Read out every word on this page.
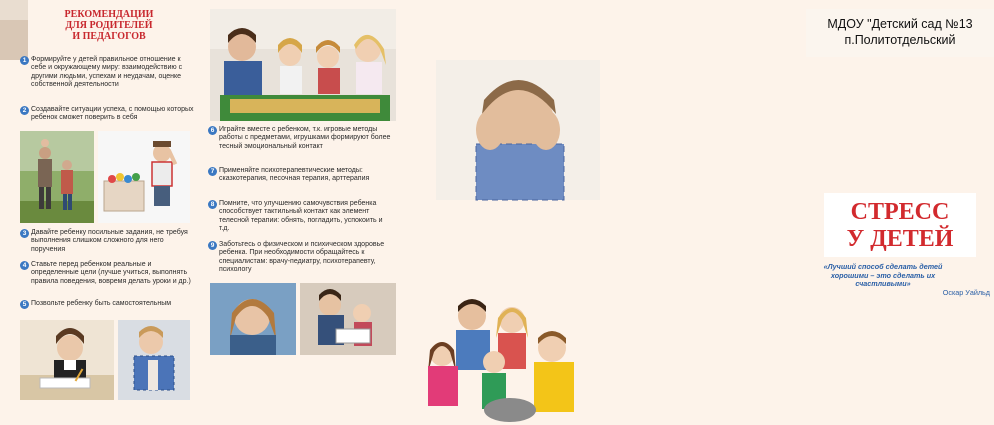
РЕКОМЕНДАЦИИ
ДЛЯ РОДИТЕЛЕЙ
И ПЕДАГОГОВ
1 Формируйте у детей правильное отношение к себе и окружающему миру: взаимодействию с другими людьми, успехам и неудачам, оценке собственной деятельности
2 Создавайте ситуации успеха, с помощью которых ребенок сможет поверить в себя
3 Давайте ребенку посильные задания, не требуя выполнения слишком сложного для него поручения
4 Ставьте перед ребенком реальные и определенные цели (лучше учиться, выполнять правила поведения, вовремя делать уроки и др.)
5 Позвольте ребенку быть самостоятельным
6 Играйте вместе с ребенком, т.к. игровые методы работы с предметами, игрушками формируют более тесный эмоциональный контакт
7 Применяйте психотерапевтические методы: сказкотерапия, песочная терапия, арттерапия
8 Помните, что улучшению самочувствия ребенка способствует тактильный контакт как элемент телесной терапии: обнять, погладить, успокоить и т.д.
9 Заботьтесь о физическом и психическом здоровье ребенка. При необходимости обращайтесь к специалистам: врачу-педиатру, психотерапевту, психологу
МДОУ "Детский сад №13
п.Политотдельский
СТРЕСС
У ДЕТЕЙ
«Лучший способ сделать детей хорошими – это сделать их счастливыми»
Оскар Уайльд
